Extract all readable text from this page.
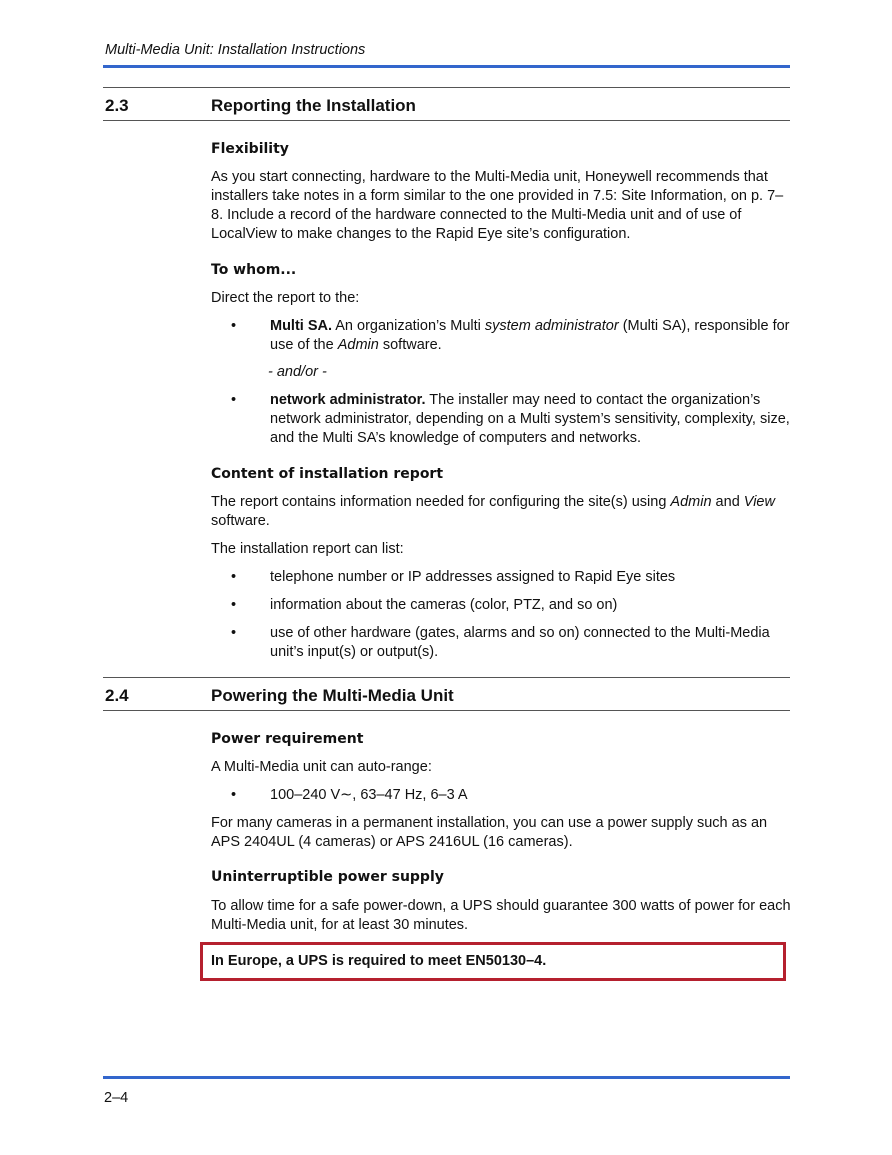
Multi-Media Unit: Installation Instructions
2.3	Reporting the Installation
Flexibility
As you start connecting, hardware to the Multi-Media unit, Honeywell recommends that installers take notes in a form similar to the one provided in 7.5: Site Information, on p. 7–8. Include a record of the hardware connected to the Multi-Media unit and of use of LocalView to make changes to the Rapid Eye site’s configuration.
To whom...
Direct the report to the:
• Multi SA. An organization’s Multi system administrator (Multi SA), responsible for use of the Admin software.
- and/or -
• network administrator. The installer may need to contact the organization’s network administrator, depending on a Multi system’s sensitivity, complexity, size, and the Multi SA’s knowledge of computers and networks.
Content of installation report
The report contains information needed for configuring the site(s) using Admin and View software.
The installation report can list:
• telephone number or IP addresses assigned to Rapid Eye sites
• information about the cameras (color, PTZ, and so on)
• use of other hardware (gates, alarms and so on) connected to the Multi-Media unit’s input(s) or output(s).
2.4	Powering the Multi-Media Unit
Power requirement
A Multi-Media unit can auto-range:
• 100–240 V∼, 63–47 Hz, 6–3 A
For many cameras in a permanent installation, you can use a power supply such as an APS 2404UL (4 cameras) or APS 2416UL (16 cameras).
Uninterruptible power supply
To allow time for a safe power-down, a UPS should guarantee 300 watts of power for each Multi-Media unit, for at least 30 minutes.
In Europe, a UPS is required to meet EN50130–4.
2–4
